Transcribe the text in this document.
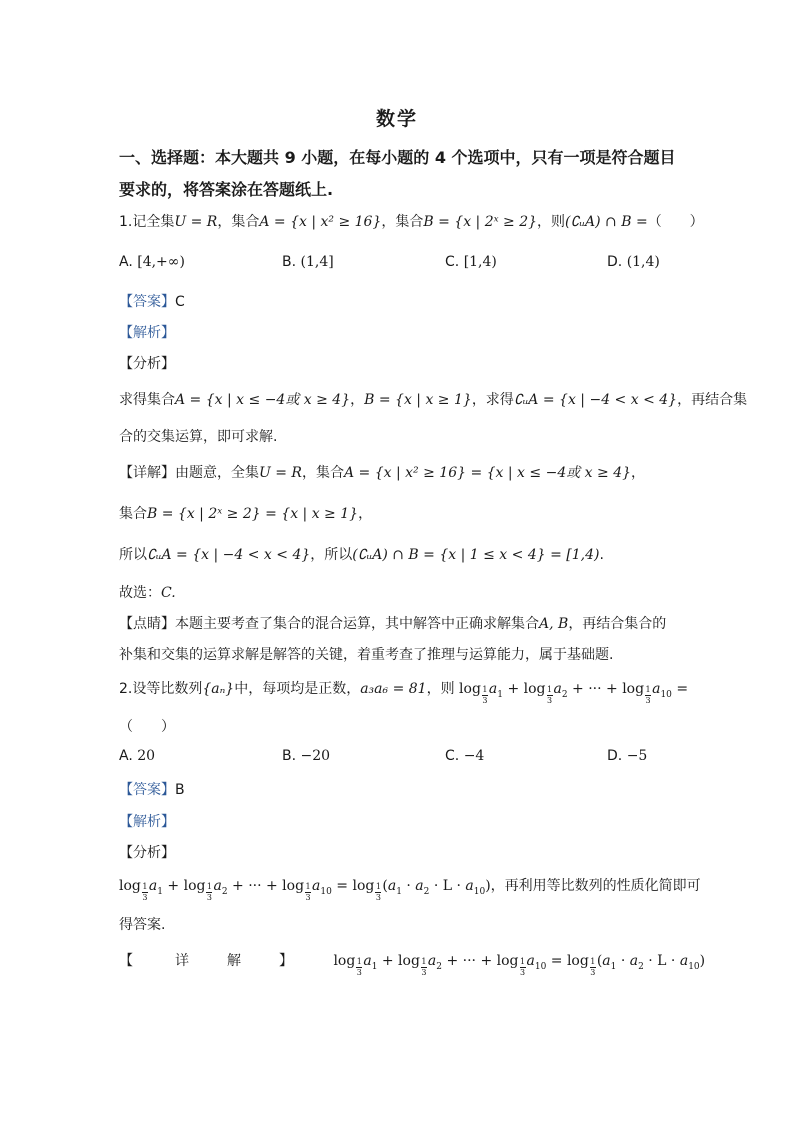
数学
一、选择题：本大题共 9 小题，在每小题的 4 个选项中，只有一项是符合题目
要求的，将答案涂在答题纸上.
1.记全集U = R，集合A = {x | x² ≥ 16}，集合B = {x | 2ˣ ≥ 2}，则(∁ᵤA) ∩ B =（　　）
A. [4,+∞)	B. (1,4]	C. [1,4)	D. (1,4)
【答案】C
【解析】
【分析】
求得集合A = {x | x ≤ −4或 x ≥ 4}，B = {x | x ≥ 1}，求得∁ᵤA = {x | −4 < x < 4}，再结合集
合的交集运算，即可求解.
【详解】由题意，全集U = R，集合A = {x | x² ≥ 16} = {x | x ≤ −4或 x ≥ 4}，
集合B = {x | 2ˣ ≥ 2} = {x | x ≥ 1}，
所以∁ᵤA = {x | −4 < x < 4}，所以(∁ᵤA) ∩ B = {x | 1 ≤ x < 4} = [1,4).
故选：C.
【点睛】本题主要考查了集合的混合运算，其中解答中正确求解集合A, B，再结合集合的
补集和交集的运算求解是解答的关键，着重考查了推理与运算能力，属于基础题.
2.设等比数列{aₙ}中，每项均是正数，a₃a₆ = 81，则 $\log \frac{1}{3} a_1 + \log \frac{1}{3} a_2$ + ··· + $\log \frac{1}{3} a_{10}$ =
（　　）
A. 20	B. −20	C. −4	D. −5
【答案】B
【解析】
【分析】
$\log \frac{1}{3} a_1 + \log \frac{1}{3} a_2$ + ··· + $\log \frac{1}{3} a_{10} = \log \frac{1}{3} (a_1 \cdot a_2 \cdot L \cdot a_{10})$，再利用等比数列的性质化简即可
得答案.
【	详	解	】	$\log \frac{1}{3} a_1 + \log \frac{1}{3} a_2$ + ··· + $\log \frac{1}{3} a_{10} = \log \frac{1}{3} (a_1 \cdot a_2 \cdot L \cdot a_{10})$
